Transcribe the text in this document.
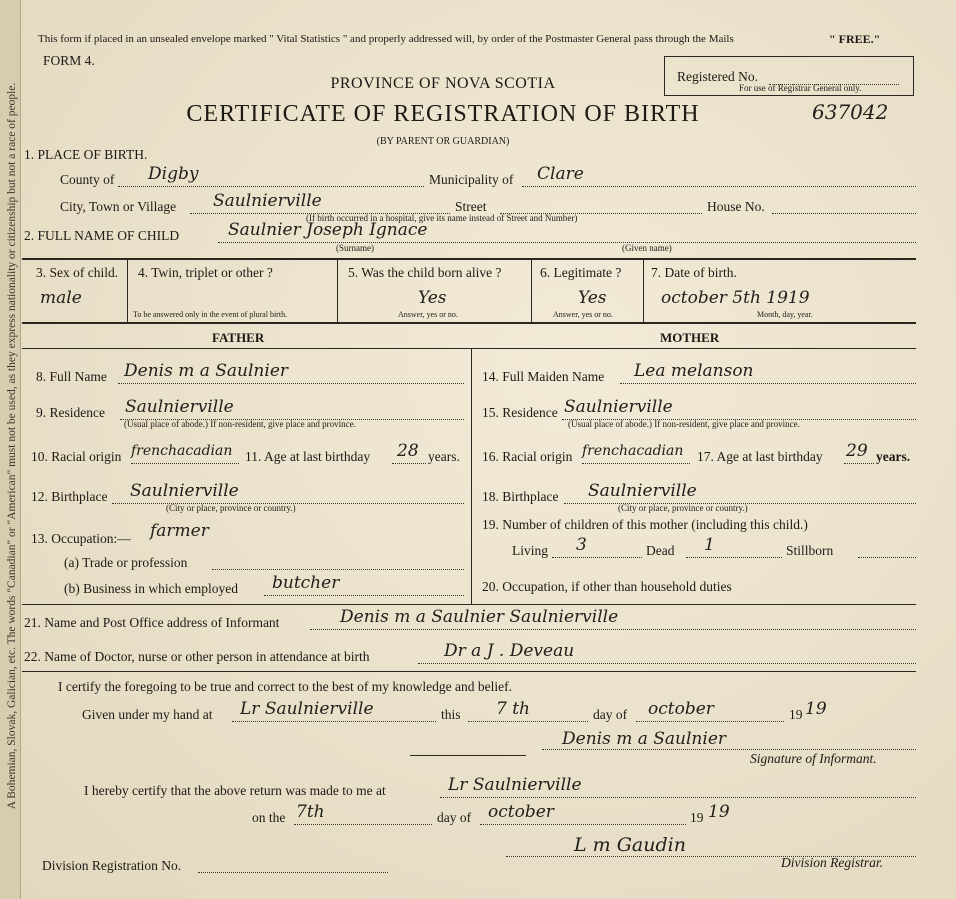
A Bohemian, Slovak, Galician, etc. The words "Canadian" or "American" must not be used, as they express nationality or citizenship but not a race of people.
This form if placed in an unsealed envelope marked " Vital Statistics " and properly addressed will, by order of the Postmaster General pass through the Mails	" FREE."
FORM 4.
PROVINCE OF NOVA SCOTIA
CERTIFICATE OF REGISTRATION OF BIRTH
(BY PARENT OR GUARDIAN)
Registered No.
For use of Registrar General only.
637042
1. PLACE OF BIRTH.
County of Digby	Municipality of Clare
City, Town or Village Saulnierville	Street	House No.
(If birth occurred in a hospital, give its name instead of Street and Number)
2. FULL NAME OF CHILD	Saulnier Joseph Ignace
(Surname)	(Given name)
3. Sex of child.
male
4. Twin, triplet or other ?
To be answered only in the event of plural birth.
5. Was the child born alive ?
Yes
Answer, yes or no.
6. Legitimate ?
Yes
Answer, yes or no.
7. Date of birth.
october 5th 1919
Month, day, year.
FATHER	MOTHER
8. Full Name Denis m a Saulnier
9. Residence Saulnierville
(Usual place of abode.) If non-resident, give place and province.
10. Racial origin frenchacadian 11. Age at last birthday 28 years.
12. Birthplace Saulnierville
(City or place, province or country.)
13. Occupation:— farmer
(a) Trade or profession
(b) Business in which employed butcher
14. Full Maiden Name Lea melanson
15. Residence Saulnierville
(Usual place of abode.) If non-resident, give place and province.
16. Racial origin frenchacadian 17. Age at last birthday 29 years.
18. Birthplace Saulnierville
(City or place, province or country.)
19. Number of children of this mother (including this child.)
Living 3	Dead 1	Stillborn
20. Occupation, if other than household duties
21. Name and Post Office address of Informant	Denis m a Saulnier Saulnierville
22. Name of Doctor, nurse or other person in attendance at birth	Dr a J . Deveau
I certify the foregoing to be true and correct to the best of my knowledge and belief.
Given under my hand at Lr Saulnierville	this 7 th	day of october	19 19
Denis m a Saulnier
Signature of Informant.
I hereby certify that the above return was made to me at	Lr Saulnierville
on the 7th	day of october	19 19
L m Gaudin
Division Registration No.	Division Registrar.
